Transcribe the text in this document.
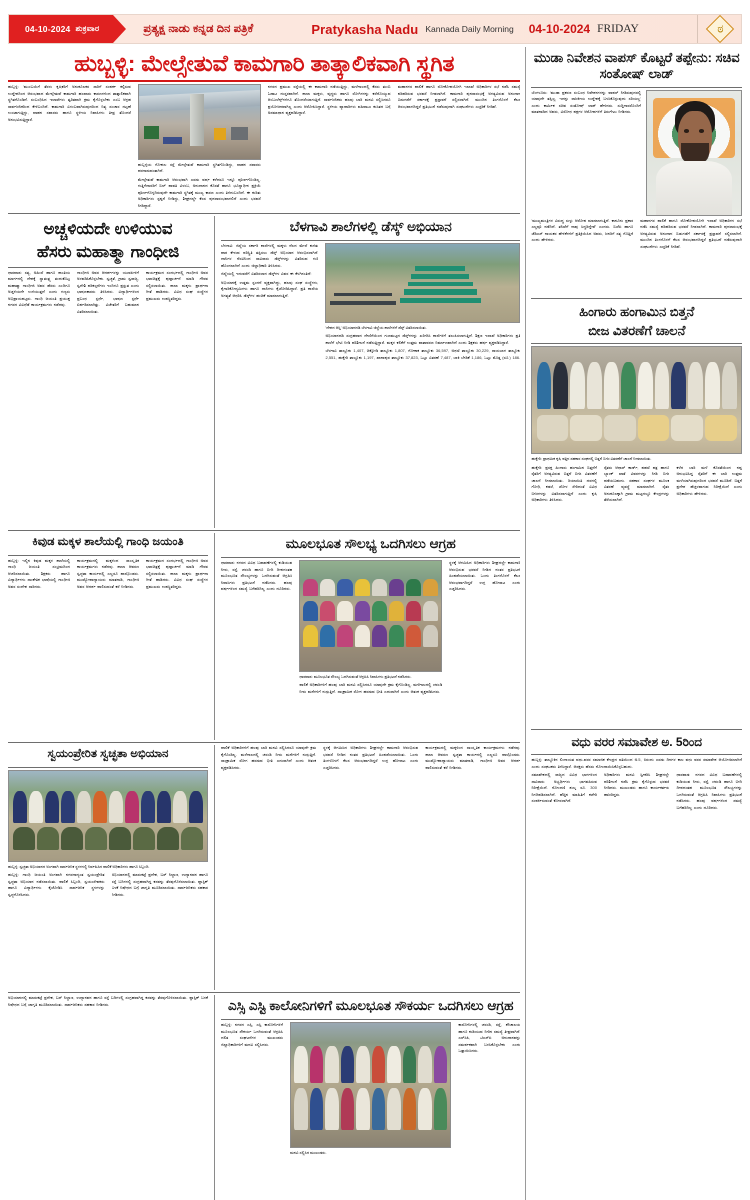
04-10-2024 ಶುಕ್ರವಾರ	ಪ್ರತ್ಯಕ್ಷ ನಾಡು ಕನ್ನಡ ದಿನ ಪತ್ರಿಕೆ	Pratykasha Nadu Kannada Daily Morning 04-10-2024 FRIDAY	ಠ
ಹುಬ್ಬಳ್ಳಿ: ಮೇಲ್ಸೇತುವೆ ಕಾಮಗಾರಿ ತಾತ್ಕಾಲಿಕವಾಗಿ ಸ್ಥಗಿತ
ಹುಬ್ಬಳ್ಳಿ: 'ಮುಂಬಯಿಗೆ ತೆರಳು ಕೃಷಿಕರಿಗೆ ಅನುಕೂಲಕರ ಸಾರಿಗೆ ಸಂಪರ್ಕ ಕಲ್ಪಿಸುವ ಉದ್ದೇಶದಿಂದ ಆರಂಭವಾದ ಮೇಲ್ಸೇತುವೆ ಕಾಮಗಾರಿ ಹಲವಾರು ಕಾರಣಗಳಿಂದ ತಾತ್ಕಾಲಿಕವಾಗಿ ಸ್ಥಗಿತಗೊಂಡಿದೆ. ಸಂಬಂಧಿಸಿದ ಇಲಾಖೆಗಳು ತ್ವರಿತವಾಗಿ ಕ್ರಮ ಕೈಗೊಳ್ಳಬೇಕು ಎಂಬ ಆಗ್ರಹ ಸಾರ್ವಜನಿಕರಿಂದ ಕೇಳಿಬಂದಿದೆ. ಕಾಮಗಾರಿ ವಿಳಂಬವಾಗಿರುವುದರಿಂದ ನಿತ್ಯ ಸಂಚಾರ ದಟ್ಟಣೆ ಉಂಟಾಗುತ್ತಿದ್ದು, ವಾಹನ ಸವಾರರು ಹಾಗೂ ಸ್ಥಳೀಯ ನಿವಾಸಿಗಳು ತೀವ್ರ ತೊಂದರೆ ಅನುಭವಿಸುತ್ತಿದ್ದಾರೆ.
ಹುಬ್ಬಳ್ಳಿಯ ಗೋಕುಲ ರಸ್ತೆ ಮೇಲ್ಸೇತುವೆ ಕಾಮಗಾರಿ ಸ್ಥಗಿತಗೊಂಡಿದ್ದು, ವಾಹನ ಸವಾರರು ಪರದಾಡುವಂತಾಗಿದೆ.
ಮೇಲ್ಸೇತುವೆ ಕಾಮಗಾರಿ ಆರಂಭವಾಗಿ ಎರಡು ವರ್ಷ ಕಳೆದರೂ ಇನ್ನೂ ಪೂರ್ಣಗೊಂಡಿಲ್ಲ. ಗುತ್ತಿಗೆದಾರರಿಗೆ ಬಿಲ್ ಪಾವತಿ ವಿಳಂಬ, ಅನುದಾನದ ಕೊರತೆ ಹಾಗೂ ಭೂಸ್ವಾಧೀನ ಪ್ರಕ್ರಿಯೆ ಪೂರ್ಣಗೊಳ್ಳದಿರುವುದೇ ಕಾಮಗಾರಿ ಸ್ಥಗಿತಕ್ಕೆ ಮುಖ್ಯ ಕಾರಣ ಎಂದು ತಿಳಿದುಬಂದಿದೆ. ಈ ಕುರಿತು ಅಧಿಕಾರಿಗಳು ಸ್ಪಷ್ಟನೆ ನೀಡಿದ್ದು, ಶೀಘ್ರದಲ್ಲೇ ಕೆಲಸ ಪುನರಾರಂಭವಾಗಲಿದೆ ಎಂದು ಭರವಸೆ ನೀಡಿದ್ದಾರೆ.
ನಗರದ ಪ್ರಮುಖ ರಸ್ತೆಯಲ್ಲಿ ಈ ಕಾಮಗಾರಿ ನಡೆಯುತ್ತಿದ್ದು, ಮಳೆಗಾಲದಲ್ಲಿ ಕೆಸರು ತುಂಬಿ ಓಡಾಟ ದುಸ್ತರವಾಗಿದೆ. ಶಾಲಾ ಮಕ್ಕಳು, ವೃದ್ಧರು ಹಾಗೂ ರೋಗಿಗಳನ್ನು ಕರೆದೊಯ್ಯುವ ಆಂಬುಲೆನ್ಸ್‌ಗಳಿಗೂ ತೊಂದರೆಯಾಗುತ್ತಿದೆ. ಸಾರ್ವಜನಿಕರು ಹಲವು ಬಾರಿ ಮನವಿ ಸಲ್ಲಿಸಿದರೂ ಪ್ರಯೋಜನವಾಗಿಲ್ಲ ಎಂದು ಆರೋಪಿಸಿದ್ದಾರೆ. ಸ್ಥಳೀಯ ವ್ಯಾಪಾರಿಗಳು ವಹಿವಾಟು ಕುಸಿತದ ಬಗ್ಗೆ ಅಸಮಾಧಾನ ವ್ಯಕ್ತಪಡಿಸಿದ್ದಾರೆ.
ಮಹಾನಗರ ಪಾಲಿಕೆ ಹಾಗೂ ಲೋಕೋಪಯೋಗಿ ಇಲಾಖೆ ಅಧಿಕಾರಿಗಳ ಸಭೆ ನಡೆಸಿ ಸಮಸ್ಯೆ ಪರಿಹರಿಸುವ ಭರವಸೆ ನೀಡಲಾಗಿದೆ. ಕಾಮಗಾರಿ ಪುನರಾರಂಭಕ್ಕೆ ಅಗತ್ಯವಿರುವ ಅನುದಾನ ಬಿಡುಗಡೆಗೆ ಸರ್ಕಾರಕ್ಕೆ ಪ್ರಸ್ತಾವನೆ ಸಲ್ಲಿಸಲಾಗಿದೆ. ಮುಂದಿನ ತಿಂಗಳೊಳಗೆ ಕೆಲಸ ಆರಂಭವಾಗದಿದ್ದರೆ ಪ್ರತಿಭಟನೆ ನಡೆಸುವುದಾಗಿ ಸಂಘಟನೆಗಳು ಎಚ್ಚರಿಕೆ ನೀಡಿವೆ.
ಅಚ್ಚಳಿಯದೇ ಉಳಿಯುವ
ಹೆಸರು ಮಹಾತ್ಮಾ ಗಾಂಧೀಜಿ
ಧಾರವಾಡ: ಸತ್ಯ, ಅಹಿಂಸೆ ಹಾಗೂ ಶಾಂತಿಯ ಮಾರ್ಗದಲ್ಲಿ ದೇಶಕ್ಕೆ ಸ್ವಾತಂತ್ರ್ಯ ತಂದುಕೊಟ್ಟ ಮಹಾತ್ಮಾ ಗಾಂಧೀಜಿ ಅವರ ಹೆಸರು ಎಂದಿಗೂ ಅಚ್ಚಳಿಯದೇ ಉಳಿಯುತ್ತದೆ ಎಂದು ಗಣ್ಯರು ಅಭಿಪ್ರಾಯಪಟ್ಟರು. ಗಾಂಧಿ ಜಯಂತಿ ಪ್ರಯುಕ್ತ ನಗರದ ವಿವಿಧೆಡೆ ಕಾರ್ಯಕ್ರಮಗಳು ನಡೆದವು.
ಗಾಂಧೀಜಿ ಅವರ ಆದರ್ಶಗಳನ್ನು ಯುವಪೀಳಿಗೆ ಅಳವಡಿಸಿಕೊಳ್ಳಬೇಕು. ಸ್ವಚ್ಛತೆ, ಗ್ರಾಮ ಸ್ವರಾಜ್ಯ, ಸ್ವದೇಶಿ ಪರಿಕಲ್ಪನೆಗಳು ಇಂದಿಗೂ ಪ್ರಸ್ತುತ ಎಂದು ಭಾಷಣಕಾರರು ತಿಳಿಸಿದರು. ವಿದ್ಯಾರ್ಥಿಗಳಿಂದ ಪ್ರಬಂಧ ಸ್ಪರ್ಧೆ, ಭಾಷಣ ಸ್ಪರ್ಧೆ ಏರ್ಪಡಿಸಲಾಗಿತ್ತು. ವಿಜೇತರಿಗೆ ಬಹುಮಾನ ವಿತರಿಸಲಾಯಿತು.
ಕಾರ್ಯಕ್ರಮದ ಸಂದರ್ಭದಲ್ಲಿ ಗಾಂಧೀಜಿ ಅವರ ಭಾವಚಿತ್ರಕ್ಕೆ ಪುಷ್ಪಾರ್ಚನೆ ಮಾಡಿ ಗೌರವ ಸಲ್ಲಿಸಲಾಯಿತು. ಶಾಲಾ ಮಕ್ಕಳು ಪ್ರಾರ್ಥನಾ ಗೀತೆ ಹಾಡಿದರು. ವಿವಿಧ ಸಂಘ ಸಂಸ್ಥೆಗಳ ಪ್ರಮುಖರು ಉಪಸ್ಥಿತರಿದ್ದರು.
ಬೆಳಗಾವಿ ಶಾಲೆಗಳಲ್ಲಿ ಡೆಸ್ಕ್ ಅಭಿಯಾನ
ಬೆಳಗಾವಿ: ಜಿಲ್ಲೆಯ ಸರ್ಕಾರಿ ಶಾಲೆಗಳಲ್ಲಿ ಮಕ್ಕಳು ನೆಲದ ಮೇಲೆ ಕುಳಿತು ಪಾಠ ಕೇಳುವ ಪರಿಸ್ಥಿತಿ ತಪ್ಪಿಸಲು ಡೆಸ್ಕ್ ಅಭಿಯಾನ ಆರಂಭಿಸಲಾಗಿದೆ. ದಾನಿಗಳ ನೆರವಿನಿಂದ ಸಾವಿರಾರು ಡೆಸ್ಕ್‌ಗಳನ್ನು ವಿತರಿಸುವ ಗುರಿ ಹೊಂದಲಾಗಿದೆ ಎಂದು ಜಿಲ್ಲಾಧಿಕಾರಿ ತಿಳಿಸಿದರು.
ಜಿಲ್ಲೆಯಲ್ಲಿ ಇದುವರೆಗೆ ವಿತರಿಸಲಾದ ಡೆಸ್ಕ್‌ಗಳ ವಿವರ ಈ ಕೆಳಗಿನಂತಿದೆ:
ಅಭಿಯಾನಕ್ಕೆ ಉತ್ತಮ ಸ್ಪಂದನೆ ವ್ಯಕ್ತವಾಗಿದ್ದು, ಹಲವು ಸಂಘ ಸಂಸ್ಥೆಗಳು, ಕೈಗಾರಿಕೋದ್ಯಮಿಗಳು ಹಾಗೂ ದಾನಿಗಳು ಕೈಜೋಡಿಸಿದ್ದಾರೆ. ಪ್ರತಿ ಶಾಲೆಯ ಅಗತ್ಯತೆ ಆಧರಿಸಿ ಡೆಸ್ಕ್‌ಗಳ ಹಂಚಿಕೆ ಮಾಡಲಾಗುತ್ತಿದೆ.
'ದೇಶದ ಆಸ್ತಿ' ಅಭಿಯಾನದಡಿ ಬೆಳಗಾವಿ ಜಿಲ್ಲೆಯ ಶಾಲೆಗಳಿಗೆ ಡೆಸ್ಕ್ ವಿತರಿಸಲಾಯಿತು.
ಅಭಿಯಾನದಡಿ ಸಂಗ್ರಹವಾದ ದೇಣಿಗೆಯಿಂದ ಗುಣಮಟ್ಟದ ಡೆಸ್ಕ್‌ಗಳನ್ನು ಖರೀದಿಸಿ ಶಾಲೆಗಳಿಗೆ ತಲುಪಿಸಲಾಗುತ್ತಿದೆ. ಶಿಕ್ಷಣ ಇಲಾಖೆ ಅಧಿಕಾರಿಗಳು ಪ್ರತಿ ಶಾಲೆಗೆ ಭೇಟಿ ನೀಡಿ ಪರಿಶೀಲನೆ ನಡೆಸುತ್ತಿದ್ದಾರೆ. ಮಕ್ಕಳ ಕಲಿಕೆಗೆ ಉತ್ತಮ ವಾತಾವರಣ ನಿರ್ಮಾಣವಾಗಿದೆ ಎಂದು ಶಿಕ್ಷಕರು ಹರ್ಷ ವ್ಯಕ್ತಪಡಿಸಿದ್ದಾರೆ.
ಬೆಳಗಾವಿ ತಾಲ್ಲೂಕು 1,407, ಚಿಕ್ಕೋಡಿ ತಾಲ್ಲೂಕು 1,807, ಗೋಕಾಕ ತಾಲ್ಲೂಕು 36,597, ಅಥಣಿ ತಾಲ್ಲೂಕು 30,229, ರಾಯಬಾಗ ತಾಲ್ಲೂಕು 2,551, ಹುಕ್ಕೇರಿ ತಾಲ್ಲೂಕು 1,197, ಖಾನಾಪುರ ತಾಲ್ಲೂಕು 37,823, ಒಟ್ಟು ವಿತರಣೆ 7,487, ಬಾಕಿ ಬೇಡಿಕೆ 1,186, ಒಟ್ಟು ಮೊತ್ತ (ರೂ.) 186.
ಕಿವುಡ ಮಕ್ಕಳ ಶಾಲೆಯಲ್ಲಿ ಗಾಂಧಿ ಜಯಂತಿ
ಹುಬ್ಬಳ್ಳಿ: ಇಲ್ಲಿನ ಕಿವುಡ ಮಕ್ಕಳ ಶಾಲೆಯಲ್ಲಿ ಗಾಂಧಿ ಜಯಂತಿ ಸಂಭ್ರಮದಿಂದ ಆಚರಿಸಲಾಯಿತು. ಶಿಕ್ಷಕರು ಹಾಗೂ ವಿದ್ಯಾರ್ಥಿಗಳು ಸಾಂಕೇತಿಕ ಭಾಷೆಯಲ್ಲಿ ಗಾಂಧೀಜಿ ಅವರ ಸಂದೇಶ ಸಾರಿದರು.
ಕಾರ್ಯಕ್ರಮದಲ್ಲಿ ಮಕ್ಕಳಿಂದ ಸಾಂಸ್ಕೃತಿಕ ಕಾರ್ಯಕ್ರಮಗಳು ನಡೆದವು. ಶಾಲಾ ಆವರಣ ಸ್ವಚ್ಛತಾ ಕಾರ್ಯದಲ್ಲಿ ಎಲ್ಲರೂ ಪಾಲ್ಗೊಂಡರು. ಮುಖ್ಯೋಪಾಧ್ಯಾಯರು ಮಾತನಾಡಿ, ಗಾಂಧೀಜಿ ಅವರ ಆದರ್ಶ ಪಾಲಿಸುವಂತೆ ಕರೆ ನೀಡಿದರು.
ಕಾರ್ಯಕ್ರಮದ ಸಂದರ್ಭದಲ್ಲಿ ಗಾಂಧೀಜಿ ಅವರ ಭಾವಚಿತ್ರಕ್ಕೆ ಪುಷ್ಪಾರ್ಚನೆ ಮಾಡಿ ಗೌರವ ಸಲ್ಲಿಸಲಾಯಿತು. ಶಾಲಾ ಮಕ್ಕಳು ಪ್ರಾರ್ಥನಾ ಗೀತೆ ಹಾಡಿದರು. ವಿವಿಧ ಸಂಘ ಸಂಸ್ಥೆಗಳ ಪ್ರಮುಖರು ಉಪಸ್ಥಿತರಿದ್ದರು.
ಮೂಲಭೂತ ಸೌಲಭ್ಯ ಒದಗಿಸಲು ಆಗ್ರಹ
ಧಾರವಾಡ: ನಗರದ ವಿವಿಧ ಬಡಾವಣೆಗಳಲ್ಲಿ ಕುಡಿಯುವ ನೀರು, ರಸ್ತೆ, ಚರಂಡಿ ಹಾಗೂ ಬೀದಿ ದೀಪದಂತಹ ಮೂಲಭೂತ ಸೌಲಭ್ಯಗಳನ್ನು ಒದಗಿಸುವಂತೆ ಆಗ್ರಹಿಸಿ ನಿವಾಸಿಗಳು ಪ್ರತಿಭಟನೆ ನಡೆಸಿದರು. ಹಲವು ವರ್ಷಗಳಿಂದ ಸಮಸ್ಯೆ ಬಗೆಹರಿದಿಲ್ಲ ಎಂದು ದೂರಿದರು.
ಧಾರವಾಡ: ಮೂಲಭೂತ ಸೌಲಭ್ಯ ಒದಗಿಸುವಂತೆ ಆಗ್ರಹಿಸಿ ನಿವಾಸಿಗಳು ಪ್ರತಿಭಟನೆ ನಡೆಸಿದರು.
ಪಾಲಿಕೆ ಅಧಿಕಾರಿಗಳಿಗೆ ಹಲವು ಬಾರಿ ಮನವಿ ಸಲ್ಲಿಸಿದರೂ ಯಾವುದೇ ಕ್ರಮ ಕೈಗೊಂಡಿಲ್ಲ. ಮಳೆಗಾಲದಲ್ಲಿ ಚರಂಡಿ ನೀರು ಮನೆಗಳಿಗೆ ನುಗ್ಗುತ್ತಿದೆ. ಸಾಂಕ್ರಾಮಿಕ ರೋಗ ಹರಡುವ ಭೀತಿ ಎದುರಾಗಿದೆ ಎಂದು ಆತಂಕ ವ್ಯಕ್ತಪಡಿಸಿದರು.
ಸ್ಥಳಕ್ಕೆ ಆಗಮಿಸಿದ ಅಧಿಕಾರಿಗಳು ಶೀಘ್ರದಲ್ಲೇ ಕಾಮಗಾರಿ ಆರಂಭಿಸುವ ಭರವಸೆ ನೀಡಿದ ನಂತರ ಪ್ರತಿಭಟನೆ ಹಿಂಪಡೆಯಲಾಯಿತು. ಒಂದು ತಿಂಗಳೊಳಗೆ ಕೆಲಸ ಆರಂಭವಾಗದಿದ್ದರೆ ಉಗ್ರ ಹೋರಾಟ ಎಂದು ಎಚ್ಚರಿಸಿದರು.
ಸ್ವಯಂಪ್ರೇರಿತ ಸ್ವಚ್ಛತಾ ಅಭಿಯಾನ
ಹುಬ್ಬಳ್ಳಿ: ಸ್ವಚ್ಛತಾ ಅಭಿಯಾನದ ಅಂಗವಾಗಿ ಸಾರ್ವಜನಿಕ ಸ್ಥಳಗಳಲ್ಲಿ ನಿರ್ವಹಿಸಿದ ಪಾಲಿಕೆ ಅಧಿಕಾರಿಗಳು ಹಾಗೂ ಸಿಬ್ಬಂದಿ.
ಹುಬ್ಬಳ್ಳಿ: ಗಾಂಧಿ ಜಯಂತಿ ಅಂಗವಾಗಿ ನಗರದಾದ್ಯಂತ ಸ್ವಯಂಪ್ರೇರಿತ ಸ್ವಚ್ಛತಾ ಅಭಿಯಾನ ನಡೆಸಲಾಯಿತು. ಪಾಲಿಕೆ ಸಿಬ್ಬಂದಿ, ಸ್ವಯಂಸೇವಕರು ಹಾಗೂ ವಿದ್ಯಾರ್ಥಿಗಳು ಕೈಜೋಡಿಸಿ ಸಾರ್ವಜನಿಕ ಸ್ಥಳಗಳನ್ನು ಸ್ವಚ್ಛಗೊಳಿಸಿದರು.
ಅಭಿಯಾನದಲ್ಲಿ ಮಾರುಕಟ್ಟೆ ಪ್ರದೇಶ, ಬಸ್ ನಿಲ್ದಾಣ, ಉದ್ಯಾನವನ ಹಾಗೂ ರಸ್ತೆ ಬದಿಗಳಲ್ಲಿ ಸಂಗ್ರಹವಾಗಿದ್ದ ಕಸವನ್ನು ತೆರವುಗೊಳಿಸಲಾಯಿತು. ಪ್ಲಾಸ್ಟಿಕ್ ಬಳಕೆ ನಿಷೇಧದ ಬಗ್ಗೆ ಜಾಗೃತಿ ಮೂಡಿಸಲಾಯಿತು. ಸಾರ್ವಜನಿಕರು ಸಹಕಾರ ನೀಡಿದರು.
ಪಾಲಿಕೆ ಅಧಿಕಾರಿಗಳಿಗೆ ಹಲವು ಬಾರಿ ಮನವಿ ಸಲ್ಲಿಸಿದರೂ ಯಾವುದೇ ಕ್ರಮ ಕೈಗೊಂಡಿಲ್ಲ. ಮಳೆಗಾಲದಲ್ಲಿ ಚರಂಡಿ ನೀರು ಮನೆಗಳಿಗೆ ನುಗ್ಗುತ್ತಿದೆ. ಸಾಂಕ್ರಾಮಿಕ ರೋಗ ಹರಡುವ ಭೀತಿ ಎದುರಾಗಿದೆ ಎಂದು ಆತಂಕ ವ್ಯಕ್ತಪಡಿಸಿದರು.
ಸ್ಥಳಕ್ಕೆ ಆಗಮಿಸಿದ ಅಧಿಕಾರಿಗಳು ಶೀಘ್ರದಲ್ಲೇ ಕಾಮಗಾರಿ ಆರಂಭಿಸುವ ಭರವಸೆ ನೀಡಿದ ನಂತರ ಪ್ರತಿಭಟನೆ ಹಿಂಪಡೆಯಲಾಯಿತು. ಒಂದು ತಿಂಗಳೊಳಗೆ ಕೆಲಸ ಆರಂಭವಾಗದಿದ್ದರೆ ಉಗ್ರ ಹೋರಾಟ ಎಂದು ಎಚ್ಚರಿಸಿದರು.
ಕಾರ್ಯಕ್ರಮದಲ್ಲಿ ಮಕ್ಕಳಿಂದ ಸಾಂಸ್ಕೃತಿಕ ಕಾರ್ಯಕ್ರಮಗಳು ನಡೆದವು. ಶಾಲಾ ಆವರಣ ಸ್ವಚ್ಛತಾ ಕಾರ್ಯದಲ್ಲಿ ಎಲ್ಲರೂ ಪಾಲ್ಗೊಂಡರು. ಮುಖ್ಯೋಪಾಧ್ಯಾಯರು ಮಾತನಾಡಿ, ಗಾಂಧೀಜಿ ಅವರ ಆದರ್ಶ ಪಾಲಿಸುವಂತೆ ಕರೆ ನೀಡಿದರು.
ಅಭಿಯಾನದಲ್ಲಿ ಮಾರುಕಟ್ಟೆ ಪ್ರದೇಶ, ಬಸ್ ನಿಲ್ದಾಣ, ಉದ್ಯಾನವನ ಹಾಗೂ ರಸ್ತೆ ಬದಿಗಳಲ್ಲಿ ಸಂಗ್ರಹವಾಗಿದ್ದ ಕಸವನ್ನು ತೆರವುಗೊಳಿಸಲಾಯಿತು. ಪ್ಲಾಸ್ಟಿಕ್ ಬಳಕೆ ನಿಷೇಧದ ಬಗ್ಗೆ ಜಾಗೃತಿ ಮೂಡಿಸಲಾಯಿತು. ಸಾರ್ವಜನಿಕರು ಸಹಕಾರ ನೀಡಿದರು.	ಎಸ್ಸಿ ಎಸ್ಟಿ ಕಾಲೋನಿಗಳಿಗೆ ಮೂಲಭೂತ ಸೌಕರ್ಯ ಒದಗಿಸಲು ಆಗ್ರಹ
ಹುಬ್ಬಳ್ಳಿ: ನಗರದ ಎಸ್ಸಿ, ಎಸ್ಟಿ ಕಾಲೋನಿಗಳಿಗೆ ಮೂಲಭೂತ ಸೌಕರ್ಯ ಒದಗಿಸುವಂತೆ ಆಗ್ರಹಿಸಿ ದಲಿತ ಸಂಘಟನೆಗಳ ಮುಖಂಡರು ಜಿಲ್ಲಾಧಿಕಾರಿಗಳಿಗೆ ಮನವಿ ಸಲ್ಲಿಸಿದರು.
ಮನವಿ ಸಲ್ಲಿಸಿದ ಮುಖಂಡರು.
ಕಾಲೋನಿಗಳಲ್ಲಿ ಚರಂಡಿ, ರಸ್ತೆ, ಶೌಚಾಲಯ ಹಾಗೂ ಕುಡಿಯುವ ನೀರಿನ ಸಮಸ್ಯೆ ತೀವ್ರವಾಗಿದೆ. ಎಸ್‌ಸಿಪಿ, ಟಿಎಸ್‌ಪಿ ಅನುದಾನವನ್ನು ಸಮರ್ಪಕವಾಗಿ ಬಳಸಿಕೊಳ್ಳಬೇಕು ಎಂದು ಒತ್ತಾಯಿಸಿದರು.
ಮುಡಾ ನಿವೇಶನ ವಾಪಸ್ ಕೊಟ್ಟರೆ ತಪ್ಪೇನು: ಸಚಿವ ಸಂತೋಷ್ ಲಾಡ್
ಬೆಂಗಳೂರು: 'ಮುಡಾ ಪ್ರಕರಣ ಸಂಬಂಧ ನಿವೇಶನಗಳನ್ನು ವಾಪಸ್ ನೀಡಿರುವುದರಲ್ಲಿ ಯಾವುದೇ ತಪ್ಪಿಲ್ಲ. ಇದನ್ನು ರಾಜಕೀಯ ಉದ್ದೇಶಕ್ಕೆ ಬಳಸಿಕೊಳ್ಳುವುದು ಸರಿಯಲ್ಲ' ಎಂದು ಕಾರ್ಮಿಕ ಸಚಿವ ಸಂತೋಷ್ ಲಾಡ್ ಹೇಳಿದರು. ಸುದ್ದಿಗಾರರೊಂದಿಗೆ ಮಾತನಾಡಿದ ಅವರು, ವಿರೋಧ ಪಕ್ಷಗಳ ಆರೋಪಗಳಿಗೆ ತಿರುಗೇಟು ನೀಡಿದರು.
'ಮುಖ್ಯಮಂತ್ರಿಗಳ ವಿರುದ್ಧ ಸುಳ್ಳು ಆರೋಪ ಮಾಡಲಾಗುತ್ತಿದೆ. ಕಾನೂನು ಪ್ರಕಾರ ಎಲ್ಲವೂ ನಡೆದಿದೆ. ತನಿಖೆಗೆ ನಾವು ಸಿದ್ಧರಿದ್ದೇವೆ' ಎಂದರು. ಬಿಜೆಪಿ ಹಾಗೂ ಜೆಡಿಎಸ್ ನಾಯಕರ ಹೇಳಿಕೆಗಳಿಗೆ ಪ್ರತಿಕ್ರಿಯಿಸಿದ ಅವರು, ಜನರಿಗೆ ಸತ್ಯ ಗೊತ್ತಿದೆ ಎಂದು ಹೇಳಿದರು.
ಮಹಾನಗರ ಪಾಲಿಕೆ ಹಾಗೂ ಲೋಕೋಪಯೋಗಿ ಇಲಾಖೆ ಅಧಿಕಾರಿಗಳ ಸಭೆ ನಡೆಸಿ ಸಮಸ್ಯೆ ಪರಿಹರಿಸುವ ಭರವಸೆ ನೀಡಲಾಗಿದೆ. ಕಾಮಗಾರಿ ಪುನರಾರಂಭಕ್ಕೆ ಅಗತ್ಯವಿರುವ ಅನುದಾನ ಬಿಡುಗಡೆಗೆ ಸರ್ಕಾರಕ್ಕೆ ಪ್ರಸ್ತಾವನೆ ಸಲ್ಲಿಸಲಾಗಿದೆ. ಮುಂದಿನ ತಿಂಗಳೊಳಗೆ ಕೆಲಸ ಆರಂಭವಾಗದಿದ್ದರೆ ಪ್ರತಿಭಟನೆ ನಡೆಸುವುದಾಗಿ ಸಂಘಟನೆಗಳು ಎಚ್ಚರಿಕೆ ನೀಡಿವೆ.
ಹಿಂಗಾರು ಹಂಗಾಮಿನ ಬಿತ್ತನೆ
ಬೀಜ ವಿತರಣೆಗೆ ಚಾಲನೆ
ಹುಕ್ಕೇರಿ: ಪ್ರಾಥಮಿಕ ಕೃಷಿ ಪತ್ತಿನ ಸಹಕಾರ ಸಂಘದಲ್ಲಿ ಬಿತ್ತನೆ ಬೀಜ ವಿತರಣೆಗೆ ಚಾಲನೆ ನೀಡಲಾಯಿತು.
ಹುಕ್ಕೇರಿ: ಪ್ರಸಕ್ತ ಹಿಂಗಾರು ಹಂಗಾಮಿನ ಬಿತ್ತನೆಗೆ ರೈತರಿಗೆ ಅಗತ್ಯವಿರುವ ಬಿತ್ತನೆ ಬೀಜ ವಿತರಣೆಗೆ ಚಾಲನೆ ನೀಡಲಾಯಿತು. ರಿಯಾಯಿತಿ ದರದಲ್ಲಿ ಗೋಧಿ, ಕಡಲೆ, ಜೋಳ ಸೇರಿದಂತೆ ವಿವಿಧ ಬೀಜಗಳನ್ನು ವಿತರಿಸಲಾಗುತ್ತಿದೆ ಎಂದು ಕೃಷಿ ಅಧಿಕಾರಿಗಳು ತಿಳಿಸಿದರು.
ರೈತರು ಆಧಾರ್ ಕಾರ್ಡ್, ಪಹಣಿ ಪತ್ರ ಹಾಗೂ ಬ್ಯಾಂಕ್ ಖಾತೆ ವಿವರಗಳನ್ನು ನೀಡಿ ಬೀಜ ಪಡೆಯಬಹುದು. ಸಹಕಾರ ಸಂಘಗಳ ಮೂಲಕ ವಿತರಣೆ ವ್ಯವಸ್ಥೆ ಮಾಡಲಾಗಿದೆ. ರೈತರ ಅನುಕೂಲಕ್ಕಾಗಿ ಗ್ರಾಮ ಮಟ್ಟದಲ್ಲೂ ಕೇಂದ್ರಗಳನ್ನು ತೆರೆಯಲಾಗಿದೆ.
ಕಳೆದ ಬಾರಿ ಮಳೆ ಕೊರತೆಯಿಂದ ನಷ್ಟ ಅನುಭವಿಸಿದ್ದ ರೈತರಿಗೆ ಈ ಬಾರಿ ಉತ್ತಮ ಮಳೆಯಾಗಿರುವುದರಿಂದ ಭರವಸೆ ಮೂಡಿದೆ. ಬಿತ್ತನೆ ಪ್ರದೇಶ ಹೆಚ್ಚಳವಾಗುವ ನಿರೀಕ್ಷೆಯಿದೆ ಎಂದು ಅಧಿಕಾರಿಗಳು ಹೇಳಿದರು.
ವಧು ವರರ ಸಮಾವೇಶ ಅ. 5ರಿಂದ
ಹುಬ್ಬಳ್ಳಿ: ತಾಲ್ಲೂಕಿನ ಲಿಂಗಾಯತ ವಧು-ವರರ ಸಮಾಜಿಕ ಕೇಂದ್ರದ ವತಿಯಿಂದ ಅ.5, 6ರಂದು ಎರಡು ದಿನಗಳ ಕಾಲ ವಧು ವರರ ಸಮಾವೇಶ ಆಯೋಜಿಸಲಾಗಿದೆ ಎಂದು ಸಂಘಟಕರು ತಿಳಿಸಿದ್ದಾರೆ. ಆಸಕ್ತರು ಹೆಸರು ನೋಂದಾಯಿಸಿಕೊಳ್ಳಬಹುದು.
ಸಮಾವೇಶದಲ್ಲಿ ರಾಜ್ಯದ ವಿವಿಧ ಭಾಗಗಳಿಂದ ಸಾವಿರಾರು ಅಭ್ಯರ್ಥಿಗಳು ಭಾಗವಹಿಸುವ ನಿರೀಕ್ಷೆಯಿದೆ. ನೋಂದಣಿ ಶುಲ್ಕ ರೂ. 300 ನಿಗದಿಪಡಿಸಲಾಗಿದೆ. ಹೆಚ್ಚಿನ ಮಾಹಿತಿಗೆ ಕಚೇರಿ ಸಂಪರ್ಕಿಸುವಂತೆ ಕೋರಲಾಗಿದೆ.
ಅಧಿಕಾರಿಗಳು ಮನವಿ ಸ್ವೀಕರಿಸಿ ಶೀಘ್ರದಲ್ಲೇ ಪರಿಶೀಲನೆ ನಡೆಸಿ ಕ್ರಮ ಕೈಗೊಳ್ಳುವ ಭರವಸೆ ನೀಡಿದರು. ಮುಖಂಡರು ಹಾಗೂ ಕಾರ್ಯಕರ್ತರು ಹಾಜರಿದ್ದರು.
ಧಾರವಾಡ: ನಗರದ ವಿವಿಧ ಬಡಾವಣೆಗಳಲ್ಲಿ ಕುಡಿಯುವ ನೀರು, ರಸ್ತೆ, ಚರಂಡಿ ಹಾಗೂ ಬೀದಿ ದೀಪದಂತಹ ಮೂಲಭೂತ ಸೌಲಭ್ಯಗಳನ್ನು ಒದಗಿಸುವಂತೆ ಆಗ್ರಹಿಸಿ ನಿವಾಸಿಗಳು ಪ್ರತಿಭಟನೆ ನಡೆಸಿದರು. ಹಲವು ವರ್ಷಗಳಿಂದ ಸಮಸ್ಯೆ ಬಗೆಹರಿದಿಲ್ಲ ಎಂದು ದೂರಿದರು.
